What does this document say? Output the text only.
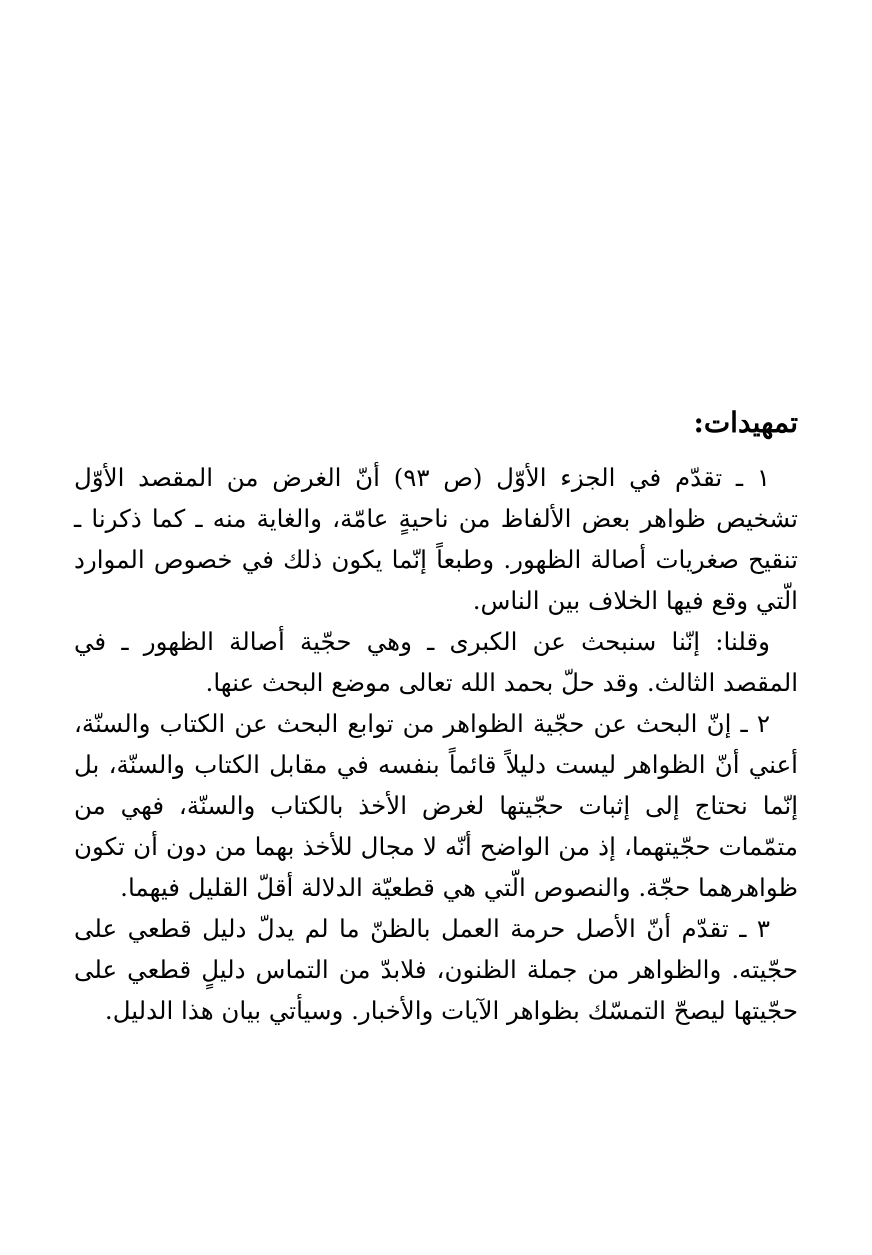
تمهيدات:

١ ـ تقدّم في الجزء الأوّل (ص ٩٣) أنّ الغرض من المقصد الأوّل تشخيص ظواهر بعض الألفاظ من ناحيةٍ عامّة، والغاية منه ـ كما ذكرنا ـ تنقيح صغريات أصالة الظهور. وطبعاً إنّما يكون ذلك في خصوص الموارد الّتي وقع فيها الخلاف بين الناس.

وقلنا: إنّنا سنبحث عن الكبرى ـ وهي حجّية أصالة الظهور ـ في المقصد الثالث. وقد حلّ بحمد الله تعالى موضع البحث عنها.

٢ ـ إنّ البحث عن حجّية الظواهر من توابع البحث عن الكتاب والسنّة، أعني أنّ الظواهر ليست دليلاً قائماً بنفسه في مقابل الكتاب والسنّة، بل إنّما نحتاج إلى إثبات حجّيتها لغرض الأخذ بالكتاب والسنّة، فهي من متمّمات حجّيتهما، إذ من الواضح أنّه لا مجال للأخذ بهما من دون أن تكون ظواهرهما حجّة. والنصوص الّتي هي قطعيّة الدلالة أقلّ القليل فيهما.

٣ ـ تقدّم أنّ الأصل حرمة العمل بالظنّ ما لم يدلّ دليل قطعي على حجّيته. والظواهر من جملة الظنون، فلابدّ من التماس دليلٍ قطعي على حجّيتها ليصحّ التمسّك بظواهر الآيات والأخبار. وسيأتي بيان هذا الدليل.
